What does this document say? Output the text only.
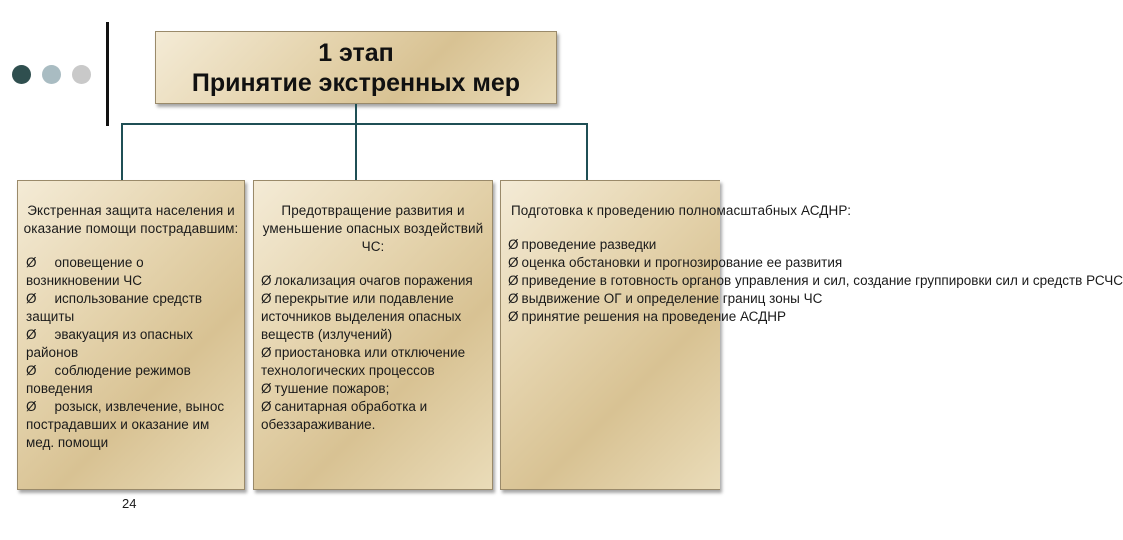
1 этап
Принятие экстренных мер
Экстренная защита населения и оказание помощи пострадавшим:
Ø оповещение о возникновении ЧС
Ø использование средств защиты
Ø эвакуация из опасных районов
Ø соблюдение режимов поведения
Ø розыск, извлечение, вынос пострадавших и оказание им мед. помощи
Предотвращение развития и уменьшение опасных воздействий ЧС:
Ø локализация очагов поражения
Ø перекрытие или подавление источников выделения опасных веществ (излучений)
Ø приостановка или отключение технологических процессов
Ø тушение пожаров;
Ø санитарная обработка и обеззараживание.
Подготовка к проведению полномасштабных АСДНР:
Ø проведение разведки
Ø оценка обстановки и прогнозирование ее развития
Ø приведение в готовность органов управления и сил, создание группировки сил и средств РСЧС
Ø выдвижение ОГ и определение границ зоны ЧС
Ø принятие решения на проведение АСДНР
24
